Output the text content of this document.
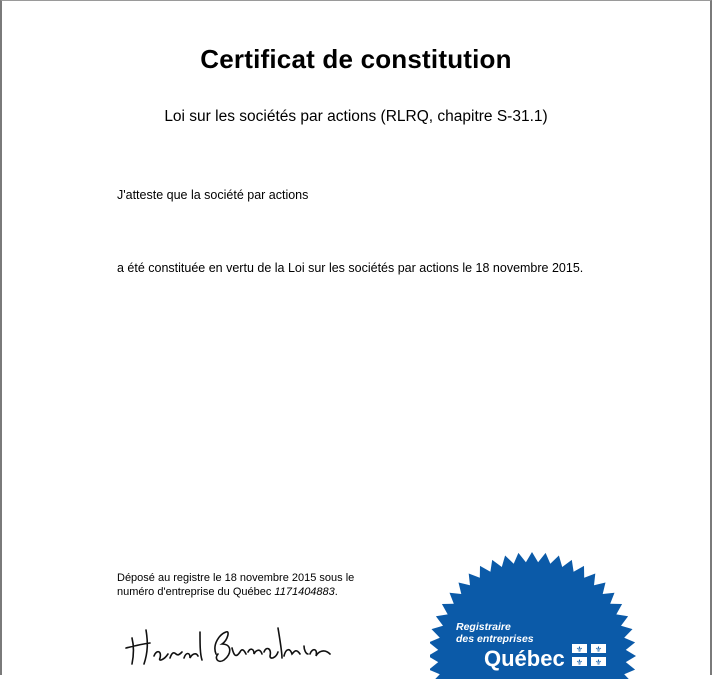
Certificat de constitution
Loi sur les sociétés par actions (RLRQ, chapitre S-31.1)
J'atteste que la société par actions
a été constituée en vertu de la Loi sur les sociétés par actions le 18 novembre 2015.
Déposé au registre le 18 novembre 2015 sous le
numéro d'entreprise du Québec 1171404883.
Registraire
des entreprises
Québec ⚜ ⚜
⚜ ⚜
